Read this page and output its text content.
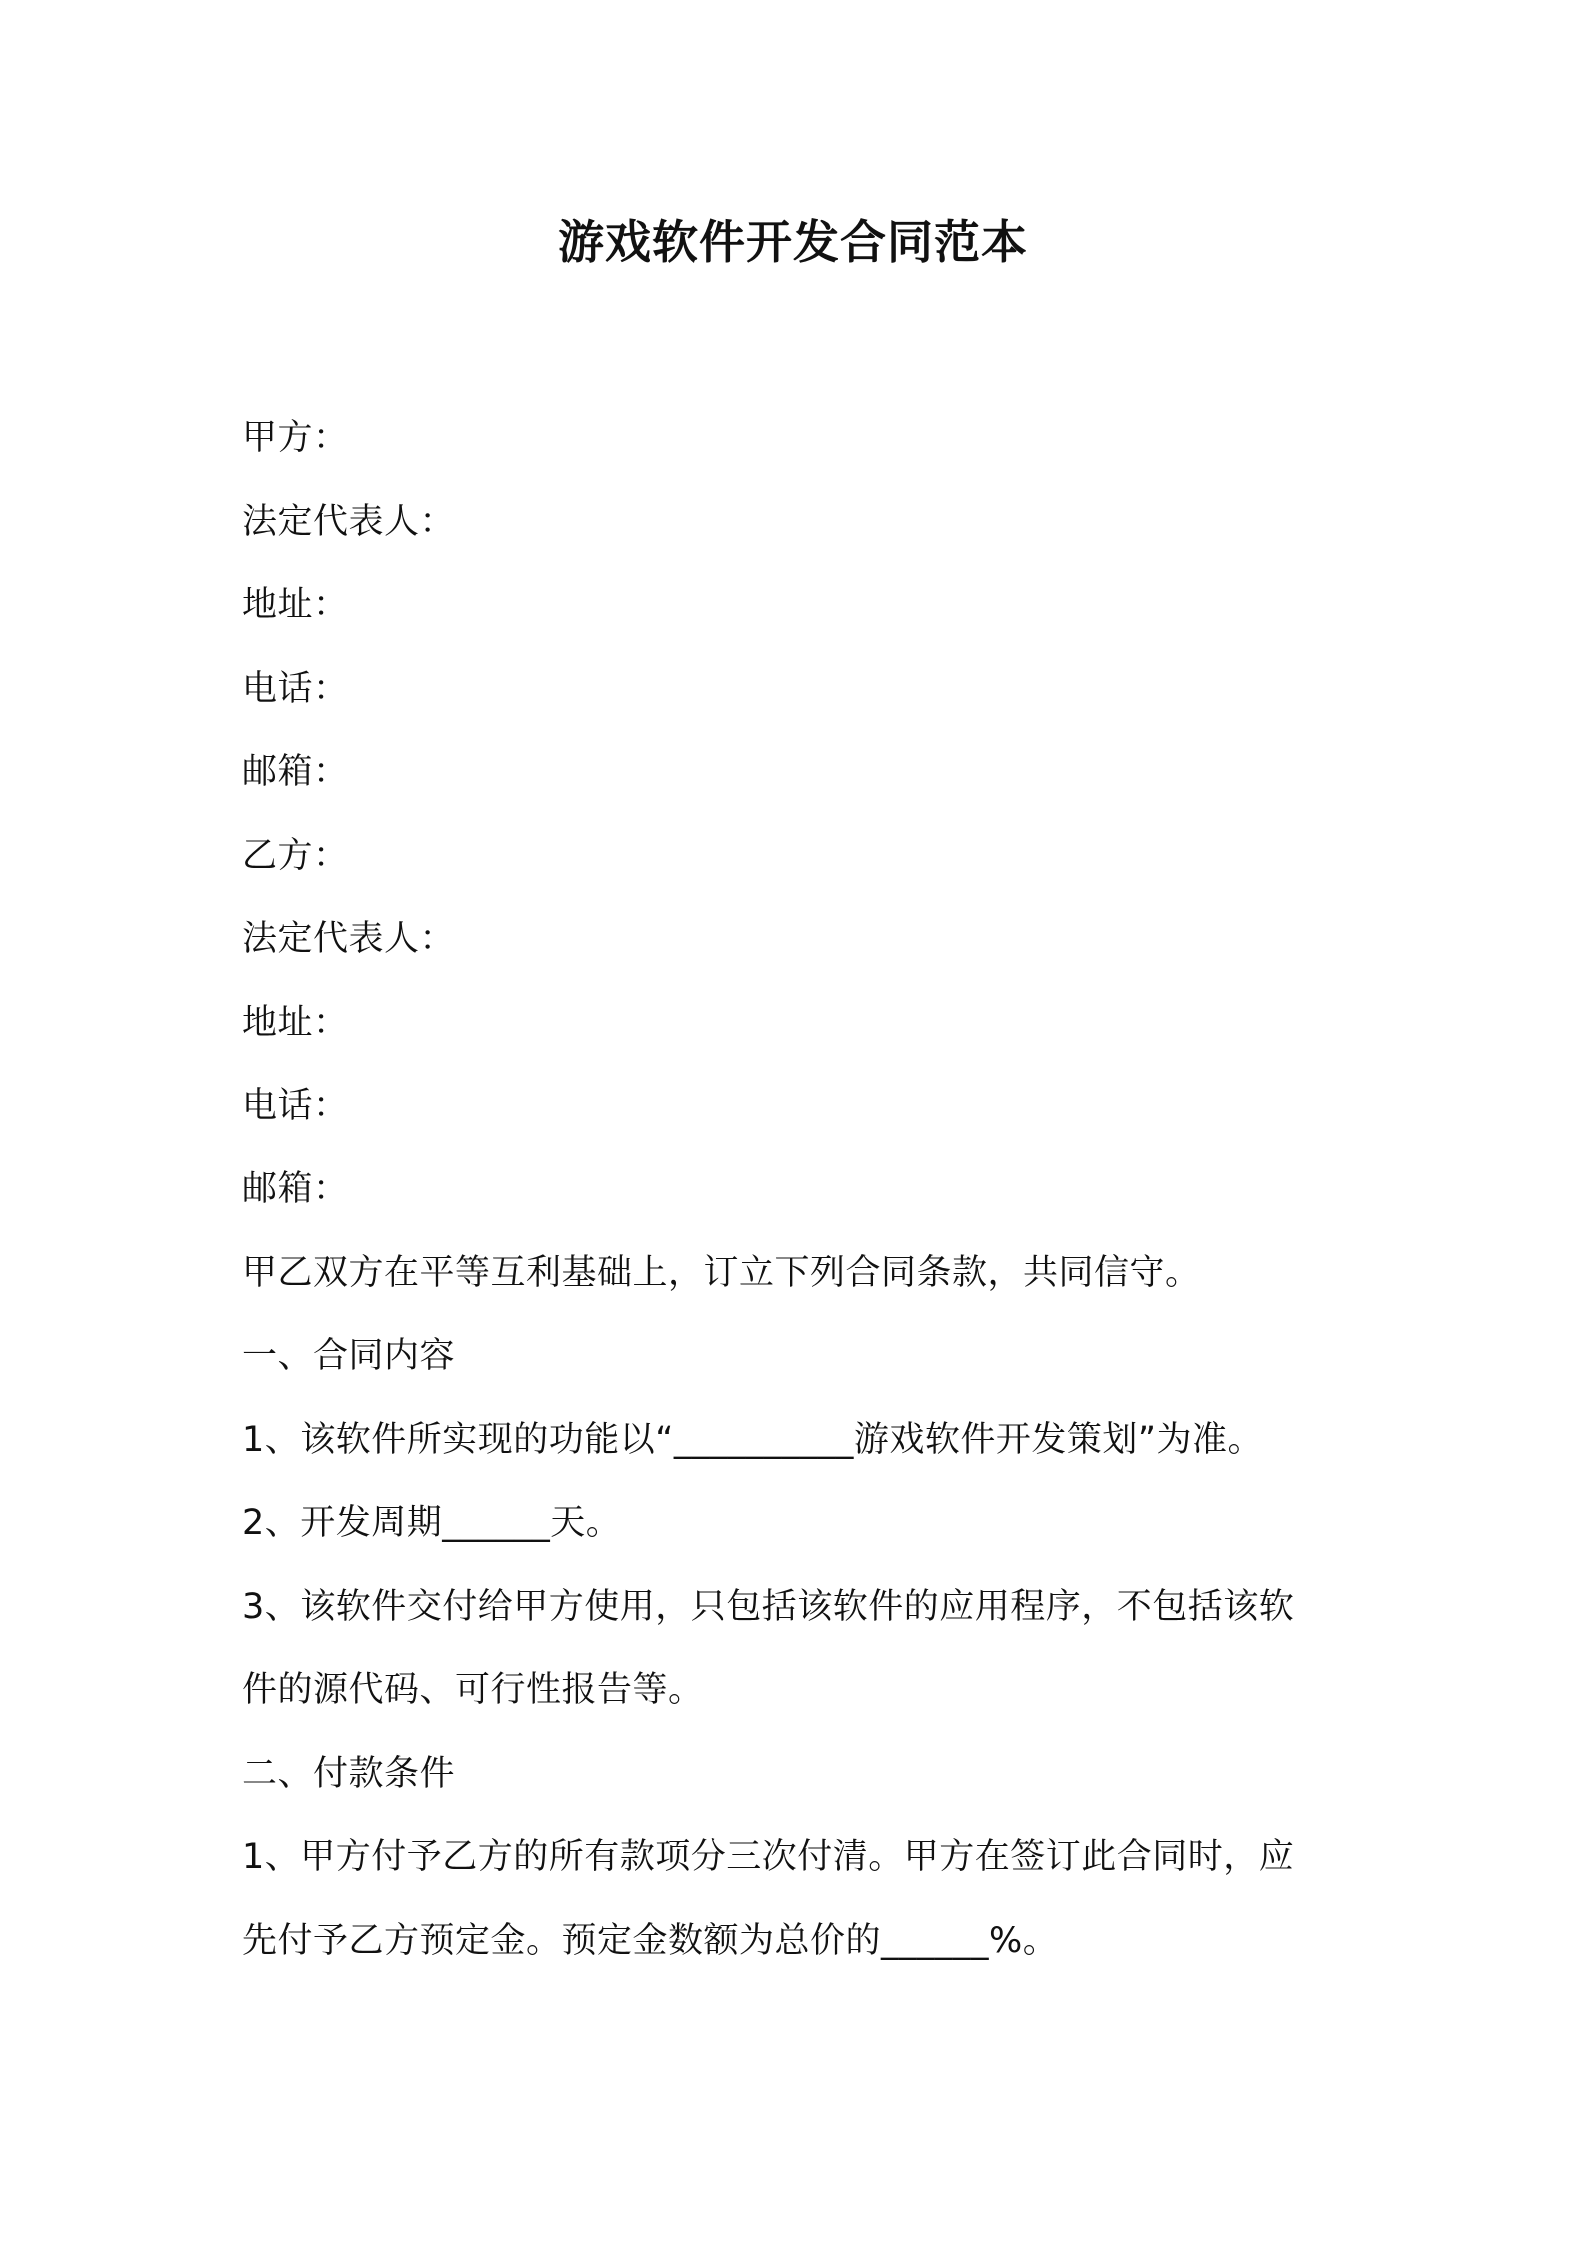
游戏软件开发合同范本
甲方：
法定代表人：
地址：
电话：
邮箱：
乙方：
法定代表人：
地址：
电话：
邮箱：
甲乙双方在平等互利基础上，订立下列合同条款，共同信守。
一、合同内容
1、该软件所实现的功能以“__________游戏软件开发策划”为准。
2、开发周期______天。
3、该软件交付给甲方使用，只包括该软件的应用程序，不包括该软
件的源代码、可行性报告等。
二、付款条件
1、甲方付予乙方的所有款项分三次付清。甲方在签订此合同时，应
先付予乙方预定金。预定金数额为总价的______%。
